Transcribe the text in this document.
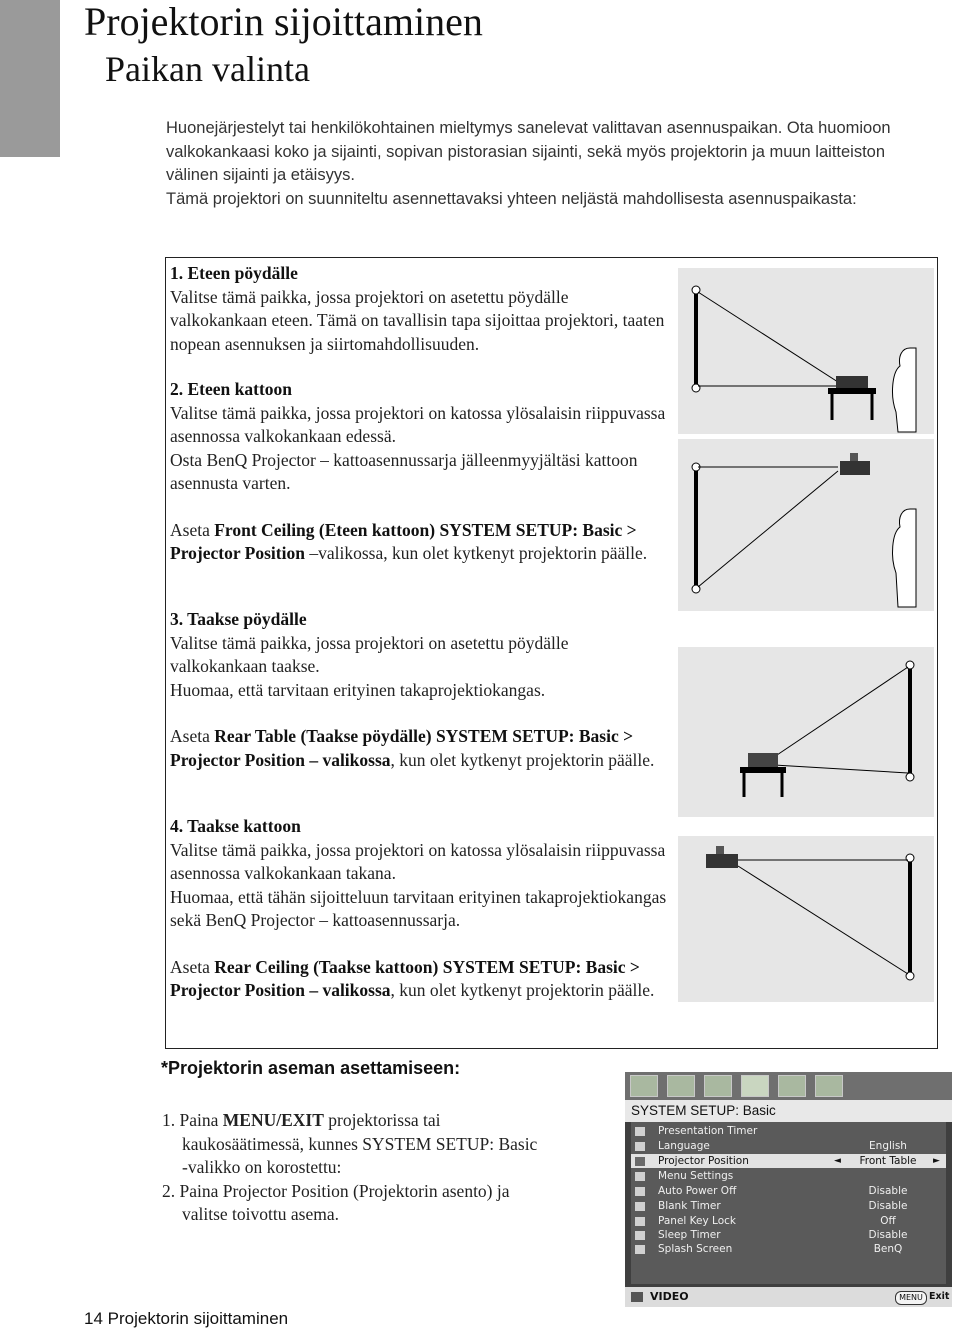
Projektorin sijoittaminen
Paikan valinta

Huonejärjestelyt tai henkilökohtainen mieltymys sanelevat valittavan asennuspaikan. Ota huomioon valkokankaasi koko ja sijainti, sopivan pistorasian sijainti, sekä myös projektorin ja muun laitteiston välinen sijainti ja etäisyys.

Tämä projektori on suunniteltu asennettavaksi yhteen neljästä mahdollisesta asennuspaikasta:

1. Eteen pöydälle

Valitse tämä paikka, jossa projektori on asetettu pöydälle valkokankaan eteen. Tämä on tavallisin tapa sijoittaa projektori, taaten nopean asennuksen ja siirtomahdollisuuden.

2. Eteen kattoon

Valitse tämä paikka, jossa projektori on katossa ylösalaisin riippuvassa asennossa valkokankaan edessä.

Osta BenQ Projector – kattoasennussarja jälleenmyyjältäsi kattoon asennusta varten.

Aseta Front Ceiling (Eteen kattoon) SYSTEM SETUP: Basic > Projector Position –valikossa, kun olet kytkenyt projektorin päälle.

3. Taakse pöydälle

Valitse tämä paikka, jossa projektori on asetettu pöydälle valkokankaan taakse.

Huomaa, että tarvitaan erityinen takaprojektiokangas.

Aseta Rear Table (Taakse pöydälle) SYSTEM SETUP: Basic > Projector Position – valikossa, kun olet kytkenyt projektorin päälle.

4. Taakse kattoon

Valitse tämä paikka, jossa projektori on katossa ylösalaisin riippuvassa asennossa valkokankaan takana.

Huomaa, että tähän sijoitteluun tarvitaan erityinen takaprojektiokangas sekä BenQ Projector – kattoasennussarja.

Aseta Rear Ceiling (Taakse kattoon) SYSTEM SETUP: Basic > Projector Position – valikossa, kun olet kytkenyt projektorin päälle.

*Projektorin aseman asettamiseen:

1. Paina MENU/EXIT projektorissa tai

kaukosäätimessä, kunnes SYSTEM SETUP: Basic

-valikko on korostettu:

2. Paina Projector Position (Projektorin asento) ja

valitse toivottu asema.

SYSTEM SETUP: Basic
Presentation Timer
Language	English
Projector Position	◄	Front Table	►
Menu Settings
Auto Power Off	Disable
Blank Timer	Disable
Panel Key Lock	Off
Sleep Timer	Disable
Splash Screen	BenQ
VIDEO	MENU Exit
14 Projektorin sijoittaminen
